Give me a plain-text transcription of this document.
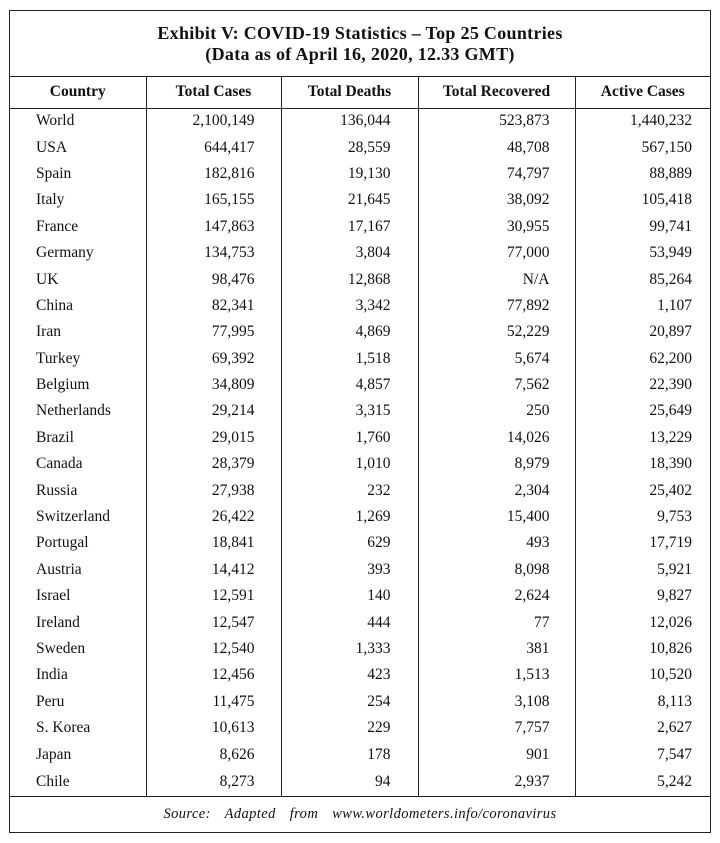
Exhibit V: COVID-19 Statistics – Top 25 Countries
(Data as of April 16, 2020, 12.33 GMT)
Country	Total Cases	Total Deaths	Total Recovered	Active Cases
World	2,100,149	136,044	523,873	1,440,232
USA	644,417	28,559	48,708	567,150
Spain	182,816	19,130	74,797	88,889
Italy	165,155	21,645	38,092	105,418
France	147,863	17,167	30,955	99,741
Germany	134,753	3,804	77,000	53,949
UK	98,476	12,868	N/A	85,264
China	82,341	3,342	77,892	1,107
Iran	77,995	4,869	52,229	20,897
Turkey	69,392	1,518	5,674	62,200
Belgium	34,809	4,857	7,562	22,390
Netherlands	29,214	3,315	250	25,649
Brazil	29,015	1,760	14,026	13,229
Canada	28,379	1,010	8,979	18,390
Russia	27,938	232	2,304	25,402
Switzerland	26,422	1,269	15,400	9,753
Portugal	18,841	629	493	17,719
Austria	14,412	393	8,098	5,921
Israel	12,591	140	2,624	9,827
Ireland	12,547	444	77	12,026
Sweden	12,540	1,333	381	10,826
India	12,456	423	1,513	10,520
Peru	11,475	254	3,108	8,113
S. Korea	10,613	229	7,757	2,627
Japan	8,626	178	901	7,547
Chile	8,273	94	2,937	5,242
Source: Adapted from www.worldometers.info/coronavirus
